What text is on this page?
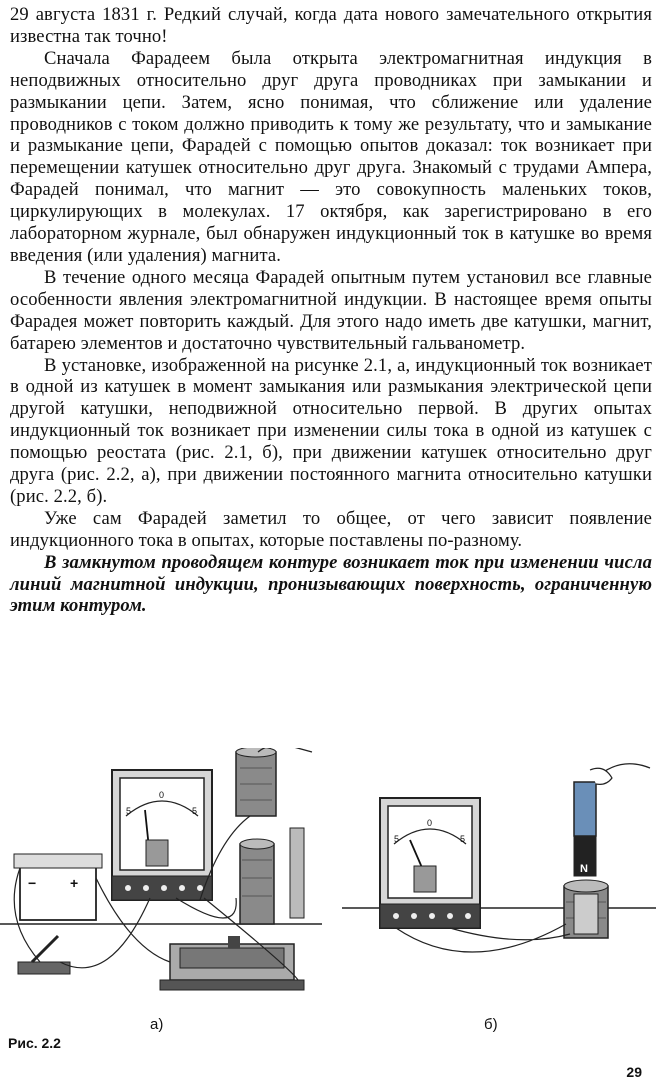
29 августа 1831 г. Редкий случай, когда дата нового замечательного открытия известна так точно!

Сначала Фарадеем была открыта электромагнитная индукция в неподвижных относительно друг друга проводниках при замыкании и размыкании цепи. Затем, ясно понимая, что сближение или удаление проводников с током должно приводить к тому же результату, что и замыкание и размыкание цепи, Фарадей с помощью опытов доказал: ток возникает при перемещении катушек относительно друг друга. Знакомый с трудами Ампера, Фарадей понимал, что магнит — это совокупность маленьких токов, циркулирующих в молекулах. 17 октября, как зарегистрировано в его лабораторном журнале, был обнаружен индукционный ток в катушке во время введения (или удаления) магнита.

В течение одного месяца Фарадей опытным путем установил все главные особенности явления электромагнитной индукции. В настоящее время опыты Фарадея может повторить каждый. Для этого надо иметь две катушки, магнит, батарею элементов и достаточно чувствительный гальванометр.

В установке, изображенной на рисунке 2.1, а, индукционный ток возникает в одной из катушек в момент замыкания или размыкания электрической цепи другой катушки, неподвижной относительно первой. В других опытах индукционный ток возникает при изменении силы тока в одной из катушек с помощью реостата (рис. 2.1, б), при движении катушек относительно друг друга (рис. 2.2, а), при движении постоянного магнита относительно катушки (рис. 2.2, б).

Уже сам Фарадей заметил то общее, от чего зависит появление индукционного тока в опытах, которые поставлены по-разному.

В замкнутом проводящем контуре возникает ток при изменении числа линий магнитной индукции, пронизывающих поверхность, ограниченную этим контуром.

5
0
5
− +
5
0
5
N
а)	б)
Рис. 2.2
29
